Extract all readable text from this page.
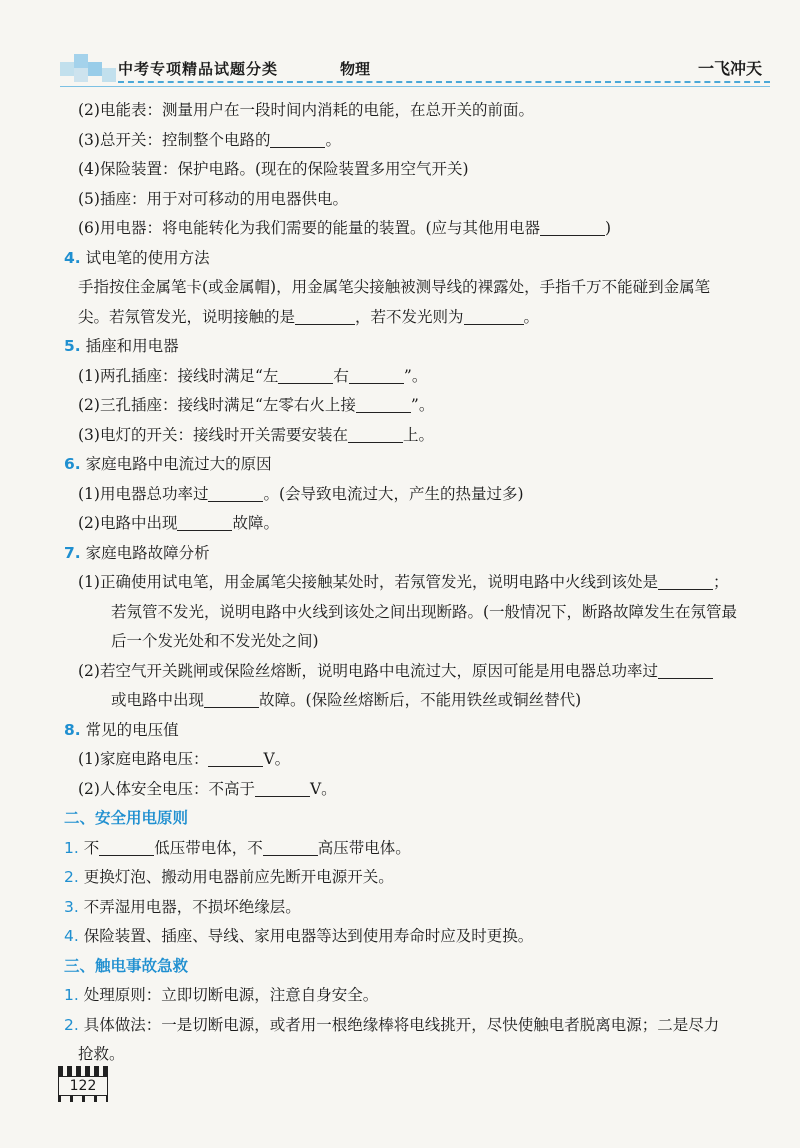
中考专项精品试题分类	物理	一飞冲天
(2)电能表：测量用户在一段时间内消耗的电能，在总开关的前面。
(3)总开关：控制整个电路的	。
(4)保险装置：保护电路。(现在的保险装置多用空气开关)
(5)插座：用于对可移动的用电器供电。
(6)用电器：将电能转化为我们需要的能量的装置。(应与其他用电器	)
4. 试电笔的使用方法
手指按住金属笔卡(或金属帽)，用金属笔尖接触被测导线的裸露处，手指千万不能碰到金属笔
尖。若氖管发光，说明接触的是	，若不发光则为	。
5. 插座和用电器
(1)两孔插座：接线时满足“左	右	”。
(2)三孔插座：接线时满足“左零右火上接	”。
(3)电灯的开关：接线时开关需要安装在	上。
6. 家庭电路中电流过大的原因
(1)用电器总功率过	。(会导致电流过大，产生的热量过多)
(2)电路中出现	故障。
7. 家庭电路故障分析
(1)正确使用试电笔，用金属笔尖接触某处时，若氖管发光，说明电路中火线到该处是	；
若氖管不发光，说明电路中火线到该处之间出现断路。(一般情况下，断路故障发生在氖管最
后一个发光处和不发光处之间)
(2)若空气开关跳闸或保险丝熔断，说明电路中电流过大，原因可能是用电器总功率过
或电路中出现	故障。(保险丝熔断后，不能用铁丝或铜丝替代)
8. 常见的电压值
(1)家庭电路电压：	V。
(2)人体安全电压：不高于	V。
二、安全用电原则
1. 不	低压带电体，不	高压带电体。
2. 更换灯泡、搬动用电器前应先断开电源开关。
3. 不弄湿用电器，不损坏绝缘层。
4. 保险装置、插座、导线、家用电器等达到使用寿命时应及时更换。
三、触电事故急救
1. 处理原则：立即切断电源，注意自身安全。
2. 具体做法：一是切断电源，或者用一根绝缘棒将电线挑开，尽快使触电者脱离电源；二是尽力
抢救。
122
